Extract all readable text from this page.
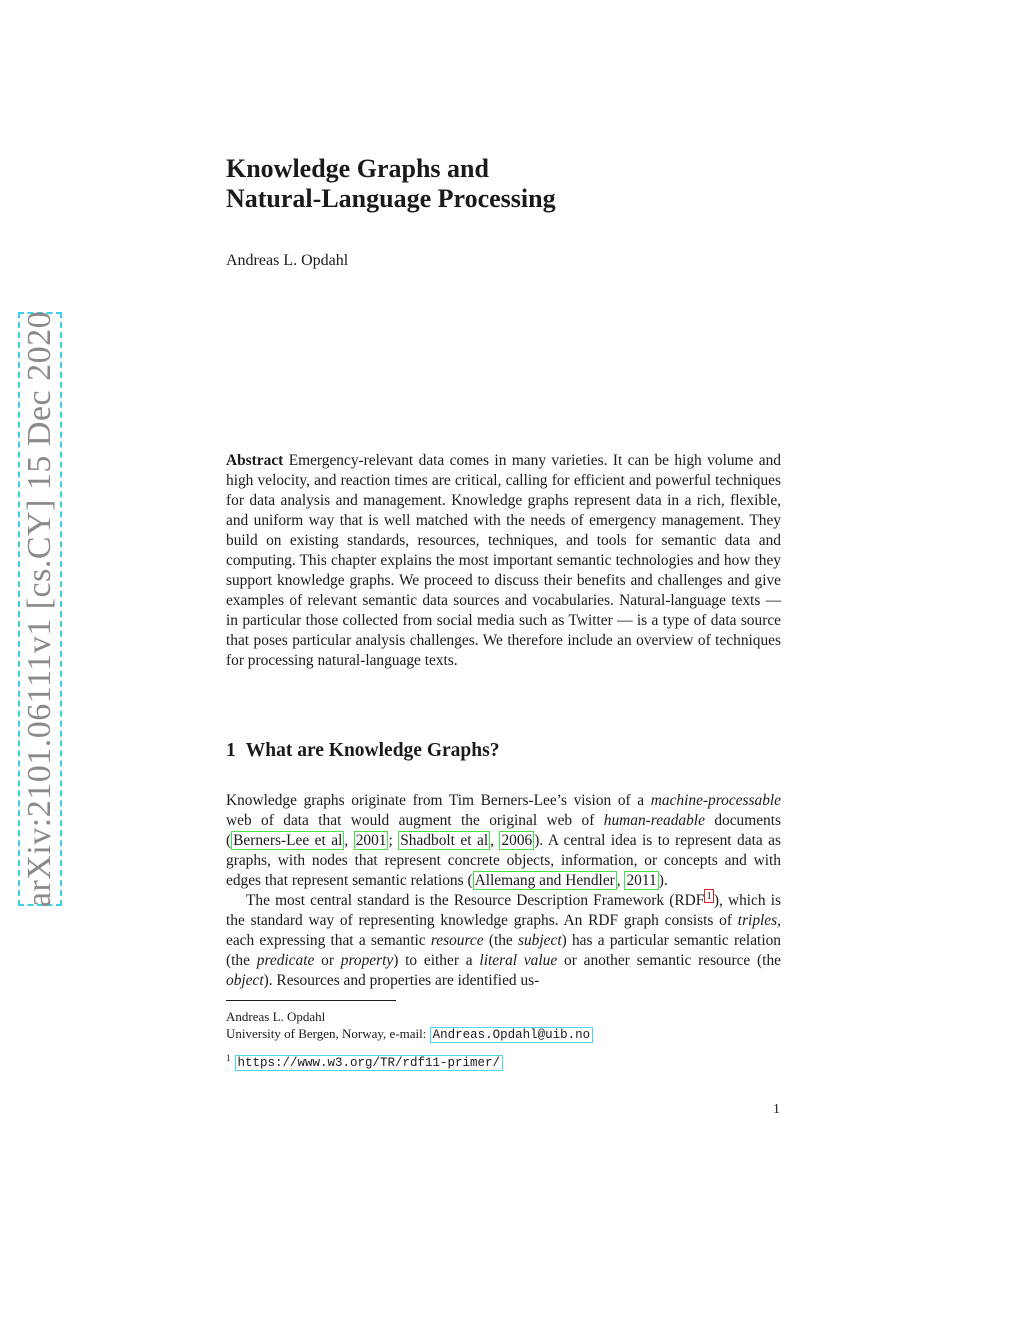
arXiv:2101.06111v1 [cs.CY] 15 Dec 2020
Knowledge Graphs and
Natural-Language Processing
Andreas L. Opdahl
Abstract Emergency-relevant data comes in many varieties. It can be high volume and high velocity, and reaction times are critical, calling for efficient and powerful techniques for data analysis and management. Knowledge graphs represent data in a rich, flexible, and uniform way that is well matched with the needs of emergency management. They build on existing standards, resources, techniques, and tools for semantic data and computing. This chapter explains the most important semantic technologies and how they support knowledge graphs. We proceed to discuss their benefits and challenges and give examples of relevant semantic data sources and vocabularies. Natural-language texts — in particular those collected from social media such as Twitter — is a type of data source that poses particular analysis challenges. We therefore include an overview of techniques for processing natural-language texts.
1 What are Knowledge Graphs?

Knowledge graphs originate from Tim Berners-Lee’s vision of a machine-processable web of data that would augment the original web of human-readable documents ( Berners-Lee et al , 2001 ; Shadbolt et al , 2006 ). A central idea is to represent data as graphs, with nodes that represent concrete objects, information, or concepts and with edges that represent semantic relations ( Allemang and Hendler , 2011 ).

The most central standard is the Resource Description Framework (RDF $^1$ ), which is the standard way of representing knowledge graphs. An RDF graph consists of triples, each expressing that a semantic resource (the subject) has a particular semantic relation (the predicate or property) to either a literal value or another semantic resource (the object). Resources and properties are identified us-

Andreas L. Opdahl
University of Bergen, Norway, e-mail: Andreas.Opdahl@uib.no
$^1$ https://www.w3.org/TR/rdf11-primer/
1
